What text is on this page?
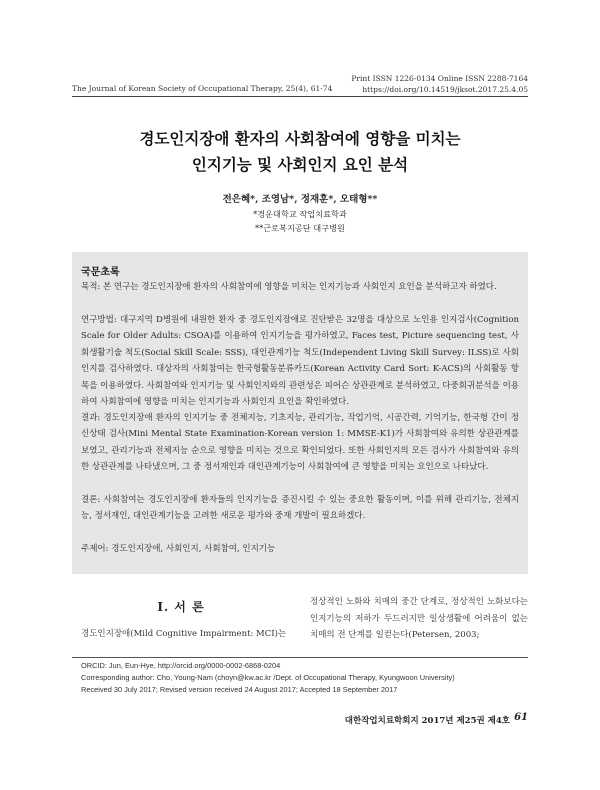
Print ISSN 1226-0134 Online ISSN 2288-7164
https://doi.org/10.14519/jksot.2017.25.4.05
The Journal of Korean Society of Occupational Therapy, 25(4), 61-74
경도인지장애 환자의 사회참여에 영향을 미치는
인지기능 및 사회인지 요인 분석
전은혜*, 조영남*, 정재훈*, 오태형**
*경운대학교 작업치료학과
**근로복지공단 대구병원
국문초록
목적: 본 연구는 경도인지장애 환자의 사회참여에 영향을 미치는 인지기능과 사회인지 요인을 분석하고자 하였다.
연구방법: 대구지역 D병원에 내원한 환자 중 경도인지장애로 진단받은 32명을 대상으로 노인용 인지검사(Cognition Scale for Older Adults: CSOA)를 이용하여 인지기능을 평가하였고, Faces test, Picture sequencing test, 사회생활기술 척도(Social Skill Scale: SSS), 대인관계기능 척도(Independent Living Skill Survey: ILSS)로 사회인지를 검사하였다. 대상자의 사회참여는 한국형활동분류카드(Korean Activity Card Sort: K-ACS)의 사회활동 항목을 이용하였다. 사회참여와 인지기능 및 사회인지와의 관련성은 피어슨 상관관계로 분석하였고, 다중회귀분석을 이용하여 사회참여에 영향을 미치는 인지기능과 사회인지 요인을 확인하였다.
결과: 경도인지장애 환자의 인지기능 중 전체지능, 기초지능, 관리기능, 작업기억, 시공간력, 기억기능, 한국형 간이 정신상태 검사(Mini Mental State Examination-Korean version 1: MMSE-K1)가 사회참여와 유의한 상관관계를 보였고, 관리기능과 전체지능 순으로 영향을 미치는 것으로 확인되었다. 또한 사회인지의 모든 검사가 사회참여와 유의한 상관관계를 나타냈으며, 그 중 정서재인과 대인관계기능이 사회참여에 큰 영향을 미치는 요인으로 나타났다.
결론: 사회참여는 경도인지장애 환자들의 인지기능을 증진시킬 수 있는 중요한 활동이며, 이를 위해 관리기능, 전체지능, 정서재인, 대인관계기능을 고려한 새로운 평가와 중재 개발이 필요하겠다.
주제어: 경도인지장애, 사회인지, 사회참여, 인지기능
Ⅰ. 서 론
경도인지장애(Mild Cognitive Impairment: MCI)는
정상적인 노화와 치매의 중간 단계로, 정상적인 노화보다는 인지기능의 저하가 두드러지만 일상생활에 어려움이 없는 치매의 전 단계를 일컫는다(Petersen, 2003;
ORCID: Jun, Eun-Hye, http://orcid.org/0000-0002-6868-0204
Corresponding author: Cho, Young-Nam (choyn@kw.ac.kr /Dept. of Occupational Therapy, Kyungwoon University)
Received 30 July 2017; Revised version received 24 August 2017; Accepted 18 September 2017
대한작업치료학회지 2017년 제25권 제4호 61
